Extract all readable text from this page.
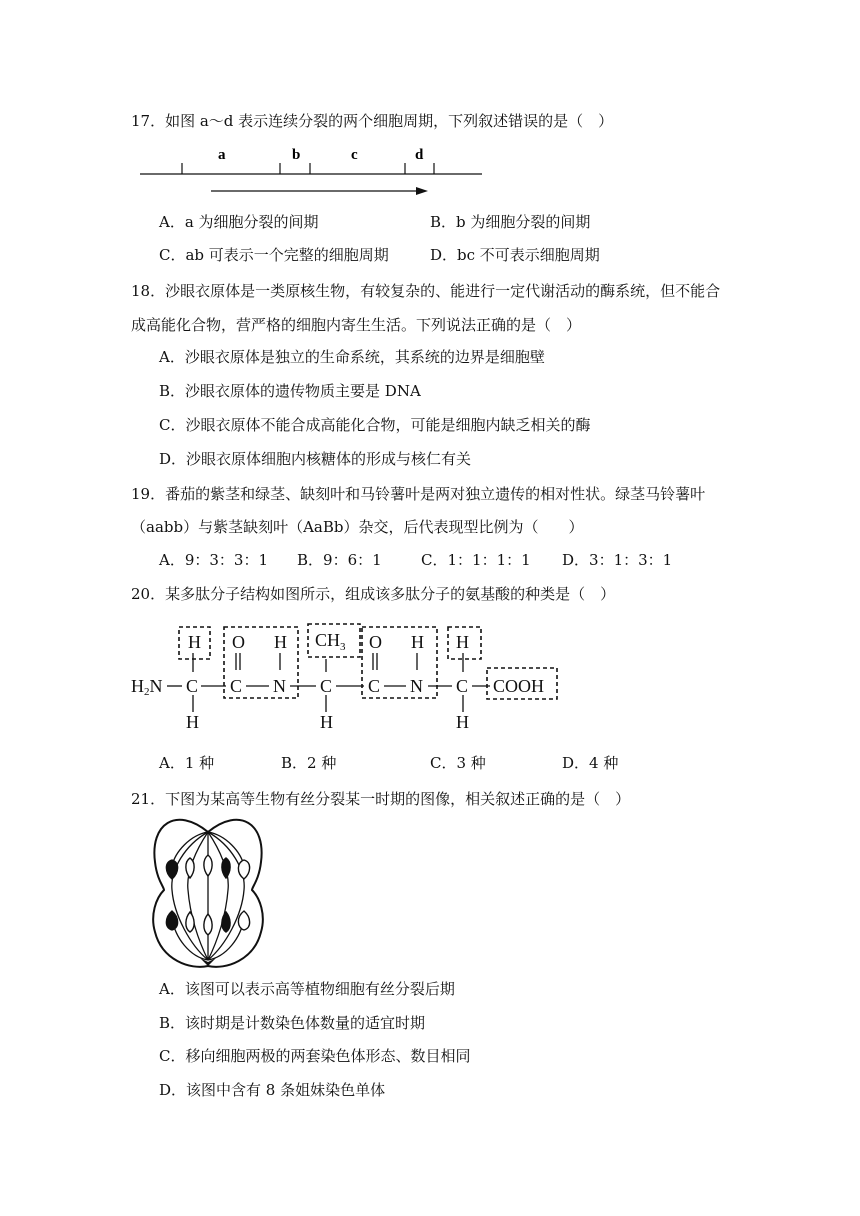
17．如图 a～d 表示连续分裂的两个细胞周期，下列叙述错误的是（　）
a	b	c	d
A．a 为细胞分裂的间期	B．b 为细胞分裂的间期
C．ab 可表示一个完整的细胞周期	D．bc 不可表示细胞周期
18．沙眼衣原体是一类原核生物，有较复杂的、能进行一定代谢活动的酶系统，但不能合
成高能化合物，营严格的细胞内寄生生活。下列说法正确的是（　）
A．沙眼衣原体是独立的生命系统，其系统的边界是细胞壁
B．沙眼衣原体的遗传物质主要是 DNA
C．沙眼衣原体不能合成高能化合物，可能是细胞内缺乏相关的酶
D．沙眼衣原体细胞内核糖体的形成与核仁有关
19．番茄的紫茎和绿茎、缺刻叶和马铃薯叶是两对独立遗传的相对性状。绿茎马铃薯叶
（aabb）与紫茎缺刻叶（AaBb）杂交，后代表现型比例为（　　）
A．9：3：3：1 B．9：6：1	C．1：1：1：1 D．3：1：3：1
20．某多肽分子结构如图所示，组成该多肽分子的氨基酸的种类是（　）
H2N
H
C
H
O
C
H
N
$CH_3$
C
H
O
C
H
N
H
C
H
COOH
A．1 种	B．2 种	C．3 种	D．4 种
21．下图为某高等生物有丝分裂某一时期的图像，相关叙述正确的是（　）
A．该图可以表示高等植物细胞有丝分裂后期
B．该时期是计数染色体数量的适宜时期
C．移向细胞两极的两套染色体形态、数目相同
D．该图中含有 8 条姐妹染色单体
